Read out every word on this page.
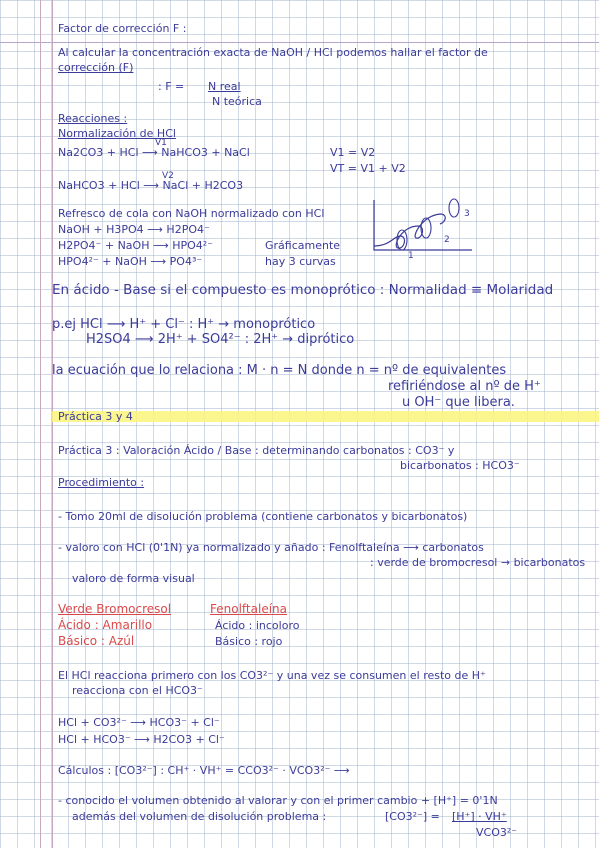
Factor de corrección F :
Al calcular la concentración exacta de NaOH / HCl podemos hallar el factor de
corrección (F)
: F = N real
N teórica
Reacciones :
Normalización de HCl
V1
Na2CO3 + HCl ⟶ NaHCO3 + NaCl	V1 = V2
VT = V1 + V2
V2
NaHCO3 + HCl ⟶ NaCl + H2CO3
Refresco de cola con NaOH normalizado con HCl
NaOH + H3PO4 ⟶ H2PO4⁻
H2PO4⁻ + NaOH ⟶ HPO4²⁻
HPO4²⁻ + NaOH ⟶ PO4³⁻
Gráficamente
hay 3 curvas	1
2
3
En ácido - Base si el compuesto es monoprótico : Normalidad ≡ Molaridad
p.ej HCl ⟶ H⁺ + Cl⁻ : H⁺ → monoprótico
H2SO4 ⟶ 2H⁺ + SO4²⁻ : 2H⁺ → diprótico
la ecuación que lo relaciona : M · n = N donde n = nº de equivalentes
refiriéndose al nº de H⁺
u OH⁻ que libera.
Práctica 3 y 4
Práctica 3 : Valoración Ácido / Base : determinando carbonatos : CO3⁻ y
bicarbonatos : HCO3⁻
Procedimiento :
- Tomo 20ml de disolución problema (contiene carbonatos y bicarbonatos)
- valoro con HCl (0'1N) ya normalizado y añado : Fenolftaleína ⟶ carbonatos
: verde de bromocresol → bicarbonatos
valoro de forma visual
Verde Bromocresol
Ácido : Amarillo
Básico : Azúl
Fenolftaleína
Ácido : incoloro
Básico : rojo
El HCl reacciona primero con los CO3²⁻ y una vez se consumen el resto de H⁺
reacciona con el HCO3⁻
HCl + CO3²⁻ ⟶ HCO3⁻ + Cl⁻
HCl + HCO3⁻ ⟶ H2CO3 + Cl⁻
Cálculos : [CO3²⁻] : CH⁺ · VH⁺ = CCO3²⁻ · VCO3²⁻ ⟶
- conocido el volumen obtenido al valorar y con el primer cambio + [H⁺] = 0'1N
además del volumen de disolución problema :	[CO3²⁻] = [H⁺] · VH⁺
VCO3²⁻
